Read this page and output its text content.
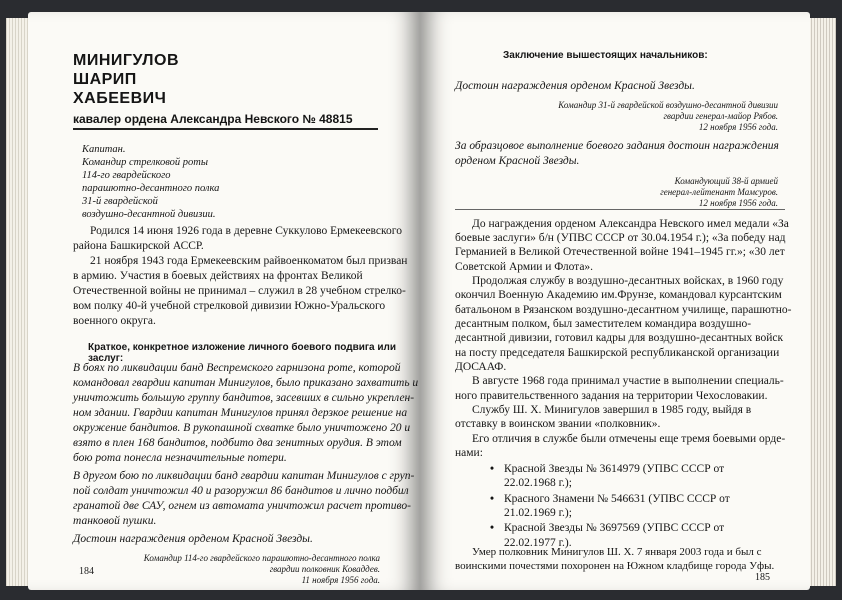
МИНИГУЛОВ
ШАРИП
ХАБЕЕВИЧ
кавалер ордена Александра Невского № 48815
Капитан.
Командир стрелковой роты
114-го гвардейского
парашютно-десантного полка
31-й гвардейской
воздушно-десантной дивизии.
Родился 14 июня 1926 года в деревне Суккулово Ермекеевского
района Башкирской АССР.
21 ноября 1943 года Ермекеевским райвоенкоматом был призван
в армию. Участия в боевых действиях на фронтах Великой
Отечественной войны не принимал – служил в 28 учебном стрелко-
вом полку 40-й учебной стрелковой дивизии Южно-Уральского
военного округа.
Краткое, конкретное изложение личного боевого подвига или заслуг:
В боях по ликвидации банд Веспремского гарнизона роте, которой
командовал гвардии капитан Минигулов, было приказано захватить и
уничтожить большую группу бандитов, засевших в сильно укреплен-
ном здании. Гвардии капитан Минигулов принял дерзкое решение на
окружение бандитов. В рукопашной схватке было уничтожено 20 и
взято в плен 168 бандитов, подбито два зенитных орудия. В этом
бою рота понесла незначительные потери.
В другом бою по ликвидации банд гвардии капитан Минигулов с груп-
пой солдат уничтожил 40 и разоружил 86 бандитов и лично подбил
гранатой две САУ, огнем из автомата уничтожил расчет противо-
танковой пушки.
Достоин награждения орденом Красной Звезды.
Командир 114-го гвардейского парашютно-десантного полка
гвардии полковник Коваддев.
11 ноября 1956 года.
184
Заключение вышестоящих начальников:
Достоин награждения орденом Красной Звезды.
Командир 31-й гвардейской воздушно-десантной дивизии
гвардии генерал-майор Рябов.
12 ноября 1956 года.
За образцовое выполнение боевого задания достоин награждения
орденом Красной Звезды.
Командующий 38-й армией
генерал-лейтенант Мамсуров.
12 ноября 1956 года.
До награждения орденом Александра Невского имел медали «За
боевые заслуги» б/н (УПВС СССР от 30.04.1954 г.); «За победу над
Германией в Великой Отечественной войне 1941–1945 гг.»; «30 лет
Советской Армии и Флота».
Продолжая службу в воздушно-десантных войсках, в 1960 году
окончил Военную Академию им.Фрунзе, командовал курсантским
батальоном в Рязанском воздушно-десантном училище, парашютно-
десантным полком, был заместителем командира воздушно-
десантной дивизии, готовил кадры для воздушно-десантных войск
на посту председателя Башкирской республиканской организации
ДОСААФ.
В августе 1968 года принимал участие в выполнении специаль-
ного правительственного задания на территории Чехословакии.
Службу Ш. Х. Минигулов завершил в 1985 году, выйдя в
отставку в воинском звании «полковник».
Его отличия в службе были отмечены еще тремя боевыми орде-
нами:
• Красной Звезды № 3614979 (УПВС СССР от
22.02.1968 г.);
• Красного Знамени № 546631 (УПВС СССР от
21.02.1969 г.);
• Красной Звезды № 3697569 (УПВС СССР от
22.02.1977 г.).
Умер полковник Минигулов Ш. Х. 7 января 2003 года и был с
воинскими почестями похоронен на Южном кладбище города Уфы.
185
